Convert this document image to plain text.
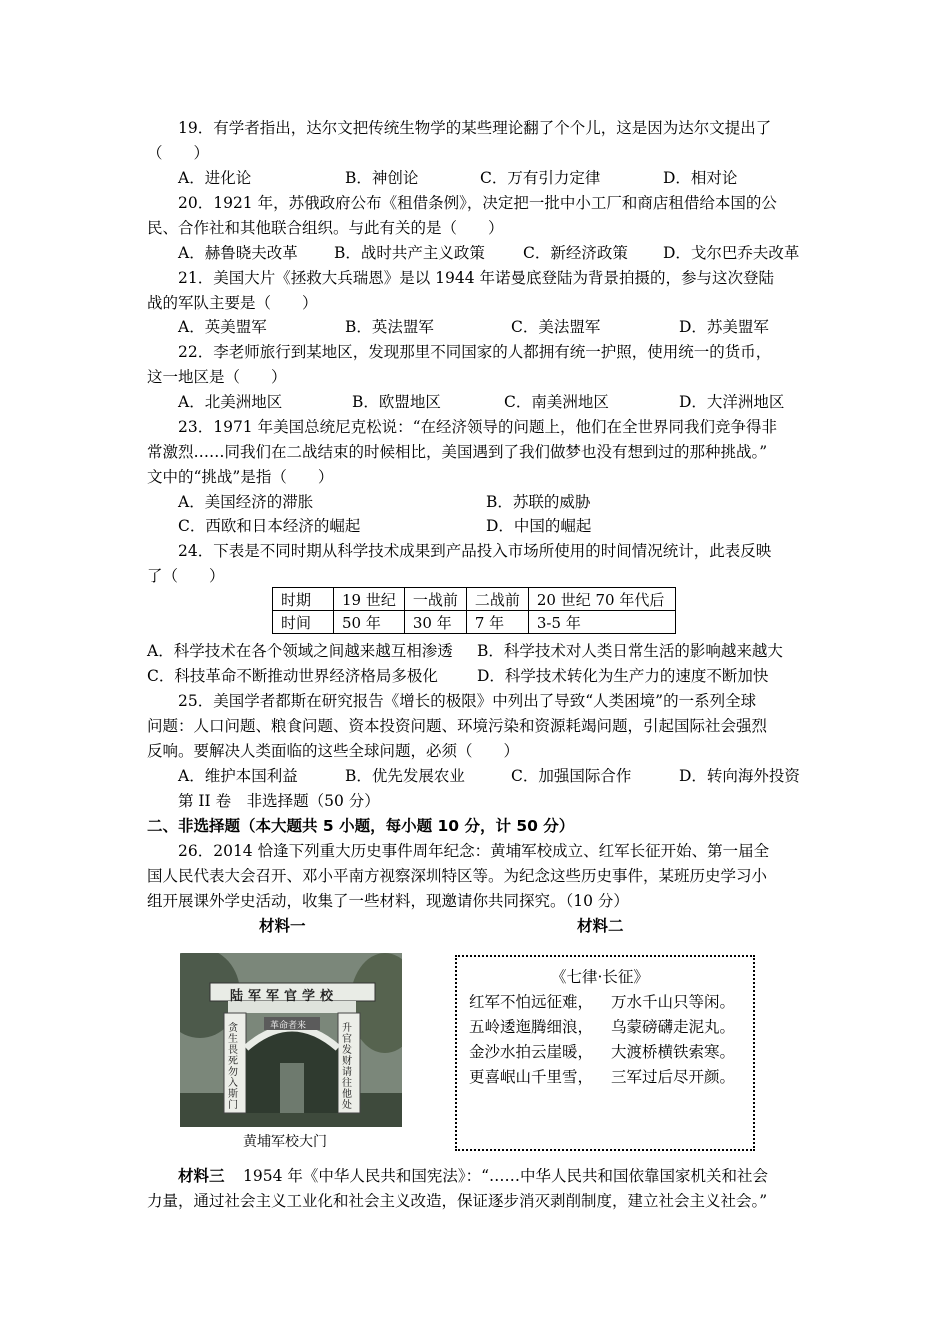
19．有学者指出，达尔文把传统生物学的某些理论翻了个个儿，这是因为达尔文提出了
（　　）
A．进化论	B．神创论	C．万有引力定律	D．相对论
20．1921 年，苏俄政府公布《租借条例》，决定把一批中小工厂和商店租借给本国的公
民、合作社和其他联合组织。与此有关的是（　　）
A．赫鲁晓夫改革 B．战时共产主义政策 C．新经济政策 D．戈尔巴乔夫改革
21．美国大片《拯救大兵瑞恩》是以 1944 年诺曼底登陆为背景拍摄的，参与这次登陆
战的军队主要是（　　）
A．英美盟军	B．英法盟军	C．美法盟军	D．苏美盟军
22．李老师旅行到某地区，发现那里不同国家的人都拥有统一护照，使用统一的货币，
这一地区是（　　）
A．北美洲地区	B．欧盟地区	C．南美洲地区	D．大洋洲地区
23．1971 年美国总统尼克松说：“在经济领导的问题上，他们在全世界同我们竞争得非
常激烈……同我们在二战结束的时候相比，美国遇到了我们做梦也没有想到过的那种挑战。”
文中的“挑战”是指（　　）
A．美国经济的滞胀	B．苏联的威胁
C．西欧和日本经济的崛起	D．中国的崛起
24．下表是不同时期从科学技术成果到产品投入市场所使用的时间情况统计，此表反映
了（　　）
时期	19 世纪	一战前	二战前	20 世纪 70 年代后
时间	50 年	30 年	7 年	3-5 年
A．科学技术在各个领域之间越来越互相渗透 B．科学技术对人类日常生活的影响越来越大
C．科技革命不断推动世界经济格局多极化	D．科学技术转化为生产力的速度不断加快
25．美国学者都斯在研究报告《增长的极限》中列出了导致“人类困境”的一系列全球
问题：人口问题、粮食问题、资本投资问题、环境污染和资源耗竭问题，引起国际社会强烈
反响。要解决人类面临的这些全球问题，必须（　　）
A．维护本国利益	B．优先发展农业	C．加强国际合作	D．转向海外投资
第 II 卷　非选择题（50 分）
二、非选择题（本大题共 5 小题，每小题 10 分，计 50 分）
26．2014 恰逢下列重大历史事件周年纪念：黄埔军校成立、红军长征开始、第一届全
国人民代表大会召开、邓小平南方视察深圳特区等。为纪念这些历史事件，某班历史学习小
组开展课外学史活动，收集了一些材料，现邀请你共同探究。（10 分）
材料一	材料二
陆军军官学校
革命者来
贪生畏死勿入斯门
升官发财请往他处
黄埔军校大门
《七律·长征》
红军不怕远征难， 万水千山只等闲。
五岭逶迤腾细浪， 乌蒙磅礴走泥丸。
金沙水拍云崖暖， 大渡桥横铁索寒。
更喜岷山千里雪， 三军过后尽开颜。
材料三 1954 年《中华人民共和国宪法》：“……中华人民共和国依靠国家机关和社会
力量，通过社会主义工业化和社会主义改造，保证逐步消灭剥削制度，建立社会主义社会。”
